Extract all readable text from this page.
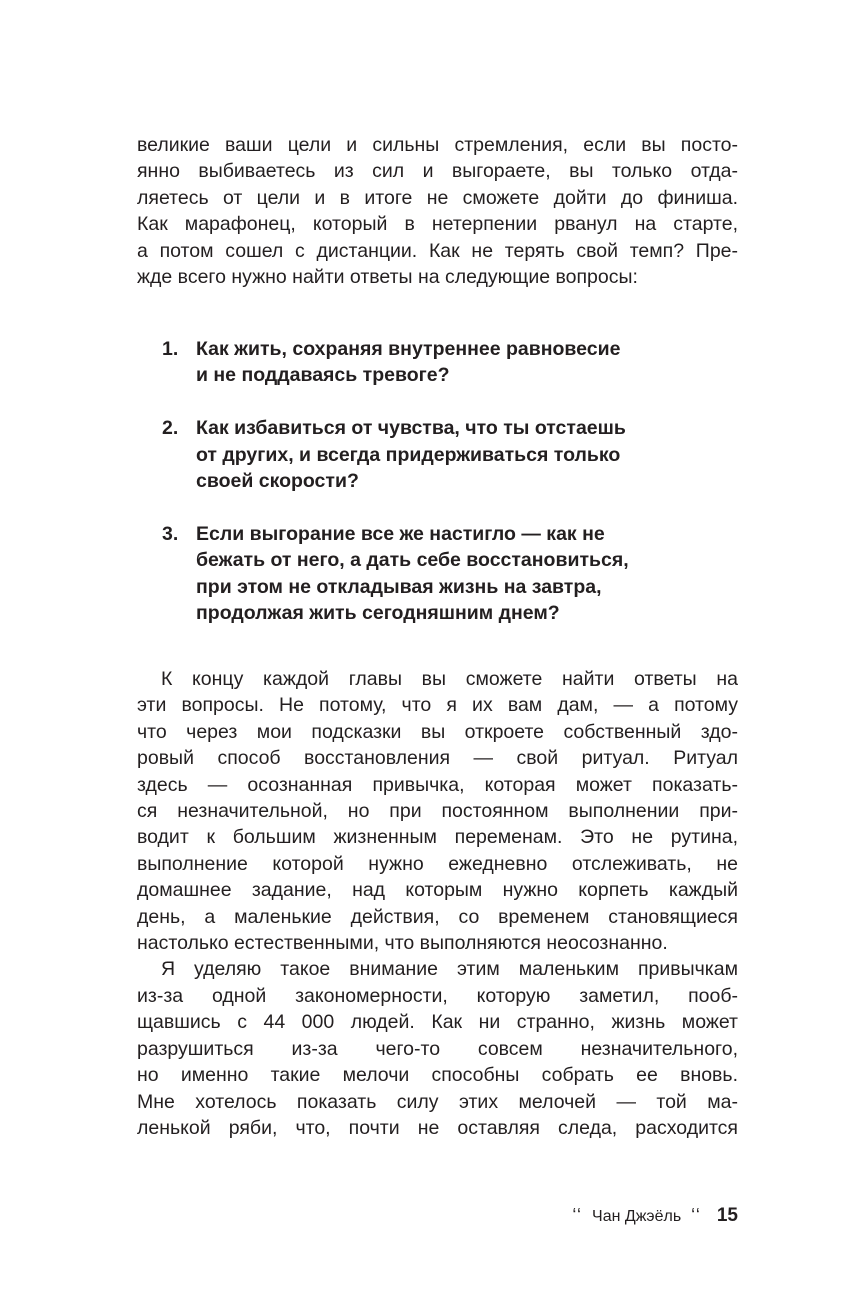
великие ваши цели и сильны стремления, если вы посто-
янно выбиваетесь из сил и выгораете, вы только отда-
ляетесь от цели и в итоге не сможете дойти до финиша.
Как марафонец, который в нетерпении рванул на старте,
а потом сошел с дистанции. Как не терять свой темп? Пре-
жде всего нужно найти ответы на следующие вопросы:
1. Как жить, сохраняя внутреннее равновесие
и не поддаваясь тревоге?
2. Как избавиться от чувства, что ты отстаешь
от других, и всегда придерживаться только
своей скорости?
3. Если выгорание все же настигло — как не
бежать от него, а дать себе восстановиться,
при этом не откладывая жизнь на завтра,
продолжая жить сегодняшним днем?
К концу каждой главы вы сможете найти ответы на
эти вопросы. Не потому, что я их вам дам, — а потому
что через мои подсказки вы откроете собственный здо-
ровый способ восстановления — свой ритуал. Ритуал
здесь — осознанная привычка, которая может показать-
ся незначительной, но при постоянном выполнении при-
водит к большим жизненным переменам. Это не рутина,
выполнение которой нужно ежедневно отслеживать, не
домашнее задание, над которым нужно корпеть каждый
день, а маленькие действия, со временем становящиеся
настолько естественными, что выполняются неосознанно.
Я уделяю такое внимание этим маленьким привычкам
из-за одной закономерности, которую заметил, пооб-
щавшись с 44 000 людей. Как ни странно, жизнь может
разрушиться из-за чего-то совсем незначительного,
но именно такие мелочи способны собрать ее вновь.
Мне хотелось показать силу этих мелочей — той ма-
ленькой ряби, что, почти не оставляя следа, расходится
‘‘ Чан Джэёль ‘‘ 15
